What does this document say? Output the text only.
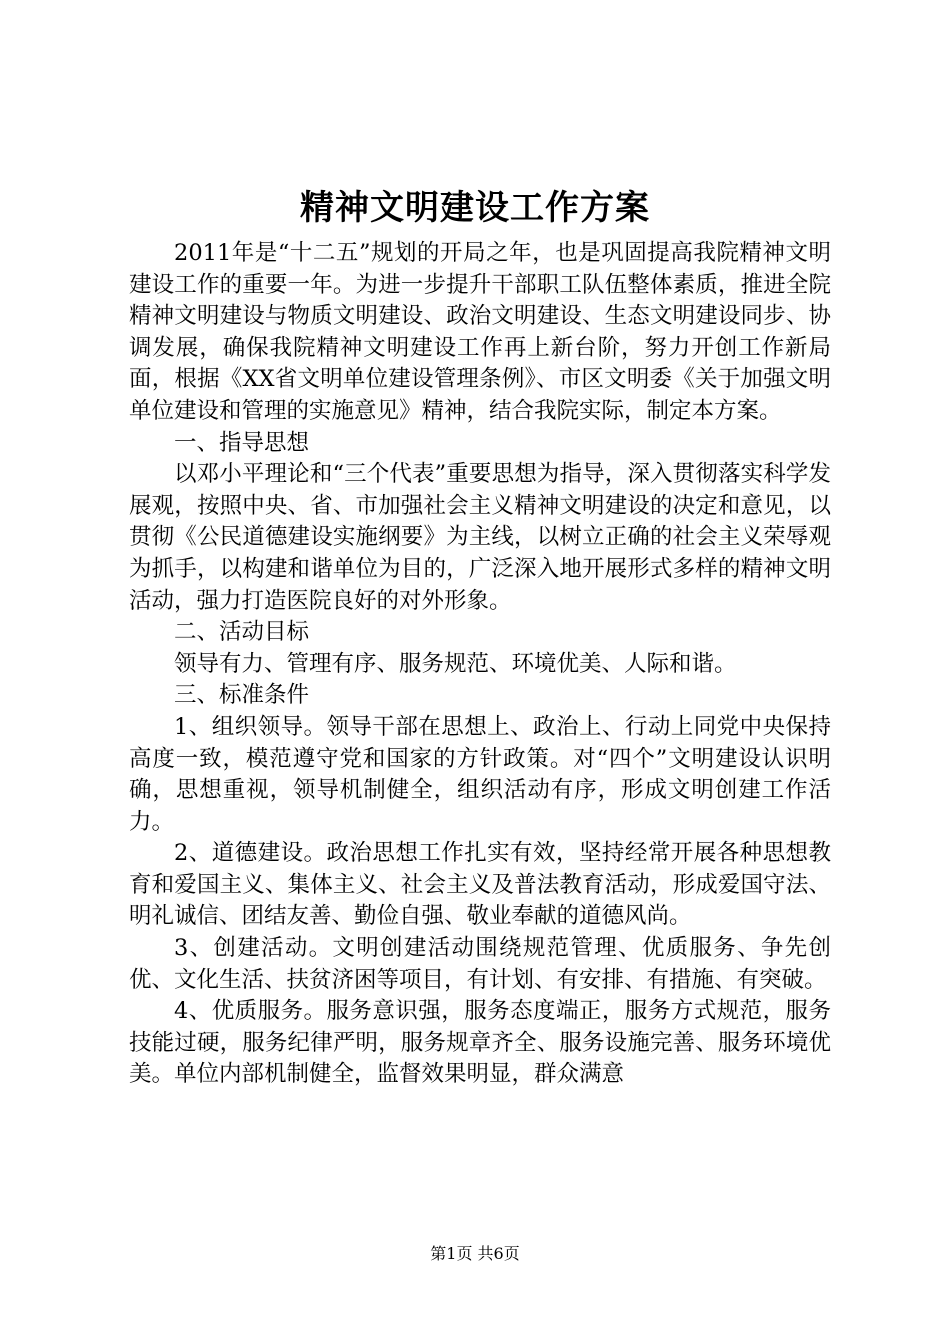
精神文明建设工作方案

2011年是“十二五”规划的开局之年，也是巩固提高我院精神文明建设工作的重要一年。为进一步提升干部职工队伍整体素质，推进全院精神文明建设与物质文明建设、政治文明建设、生态文明建设同步、协调发展，确保我院精神文明建设工作再上新台阶，努力开创工作新局面，根据《XX省文明单位建设管理条例》、市区文明委《关于加强文明单位建设和管理的实施意见》精神，结合我院实际，制定本方案。

一、指导思想

以邓小平理论和“三个代表”重要思想为指导，深入贯彻落实科学发展观，按照中央、省、市加强社会主义精神文明建设的决定和意见，以贯彻《公民道德建设实施纲要》为主线，以树立正确的社会主义荣辱观为抓手，以构建和谐单位为目的，广泛深入地开展形式多样的精神文明活动，强力打造医院良好的对外形象。

二、活动目标

领导有力、管理有序、服务规范、环境优美、人际和谐。

三、标准条件

1、组织领导。领导干部在思想上、政治上、行动上同党中央保持高度一致，模范遵守党和国家的方针政策。对“四个”文明建设认识明确，思想重视，领导机制健全，组织活动有序，形成文明创建工作活力。

2、道德建设。政治思想工作扎实有效，坚持经常开展各种思想教育和爱国主义、集体主义、社会主义及普法教育活动，形成爱国守法、明礼诚信、团结友善、勤俭自强、敬业奉献的道德风尚。

3、创建活动。文明创建活动围绕规范管理、优质服务、争先创优、文化生活、扶贫济困等项目，有计划、有安排、有措施、有突破。

4、优质服务。服务意识强，服务态度端正，服务方式规范，服务技能过硬，服务纪律严明，服务规章齐全、服务设施完善、服务环境优美。单位内部机制健全，监督效果明显，群众满意

第1页 共6页
